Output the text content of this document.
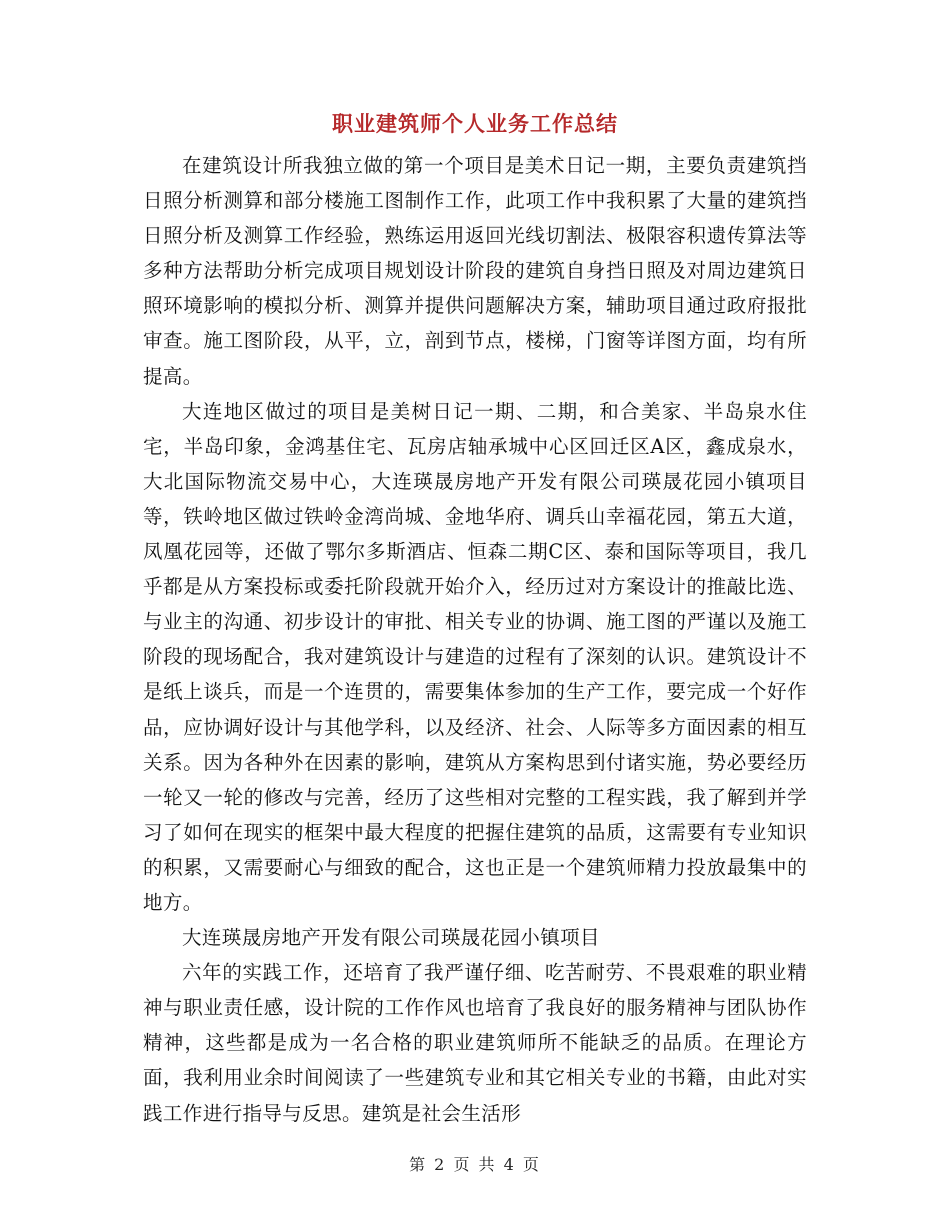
职业建筑师个人业务工作总结

在建筑设计所我独立做的第一个项目是美术日记一期，主要负责建筑挡日照分析测算和部分楼施工图制作工作，此项工作中我积累了大量的建筑挡日照分析及测算工作经验，熟练运用返回光线切割法、极限容积遗传算法等多种方法帮助分析完成项目规划设计阶段的建筑自身挡日照及对周边建筑日照环境影响的模拟分析、测算并提供问题解决方案，辅助项目通过政府报批审查。施工图阶段，从平，立，剖到节点，楼梯，门窗等详图方面，均有所提高。

大连地区做过的项目是美树日记一期、二期，和合美家、半岛泉水住宅，半岛印象，金鸿基住宅、瓦房店轴承城中心区回迁区A区，鑫成泉水，大北国际物流交易中心，大连瑛晟房地产开发有限公司瑛晟花园小镇项目等，铁岭地区做过铁岭金湾尚城、金地华府、调兵山幸福花园，第五大道，凤凰花园等，还做了鄂尔多斯酒店、恒森二期C区、泰和国际等项目，我几乎都是从方案投标或委托阶段就开始介入，经历过对方案设计的推敲比选、与业主的沟通、初步设计的审批、相关专业的协调、施工图的严谨以及施工阶段的现场配合，我对建筑设计与建造的过程有了深刻的认识。建筑设计不是纸上谈兵，而是一个连贯的，需要集体参加的生产工作，要完成一个好作品，应协调好设计与其他学科，以及经济、社会、人际等多方面因素的相互关系。因为各种外在因素的影响，建筑从方案构思到付诸实施，势必要经历一轮又一轮的修改与完善，经历了这些相对完整的工程实践，我了解到并学习了如何在现实的框架中最大程度的把握住建筑的品质，这需要有专业知识的积累，又需要耐心与细致的配合，这也正是一个建筑师精力投放最集中的地方。

大连瑛晟房地产开发有限公司瑛晟花园小镇项目

六年的实践工作，还培育了我严谨仔细、吃苦耐劳、不畏艰难的职业精神与职业责任感，设计院的工作作风也培育了我良好的服务精神与团队协作精神，这些都是成为一名合格的职业建筑师所不能缺乏的品质。在理论方面，我利用业余时间阅读了一些建筑专业和其它相关专业的书籍，由此对实践工作进行指导与反思。建筑是社会生活形

第 2 页 共 4 页
